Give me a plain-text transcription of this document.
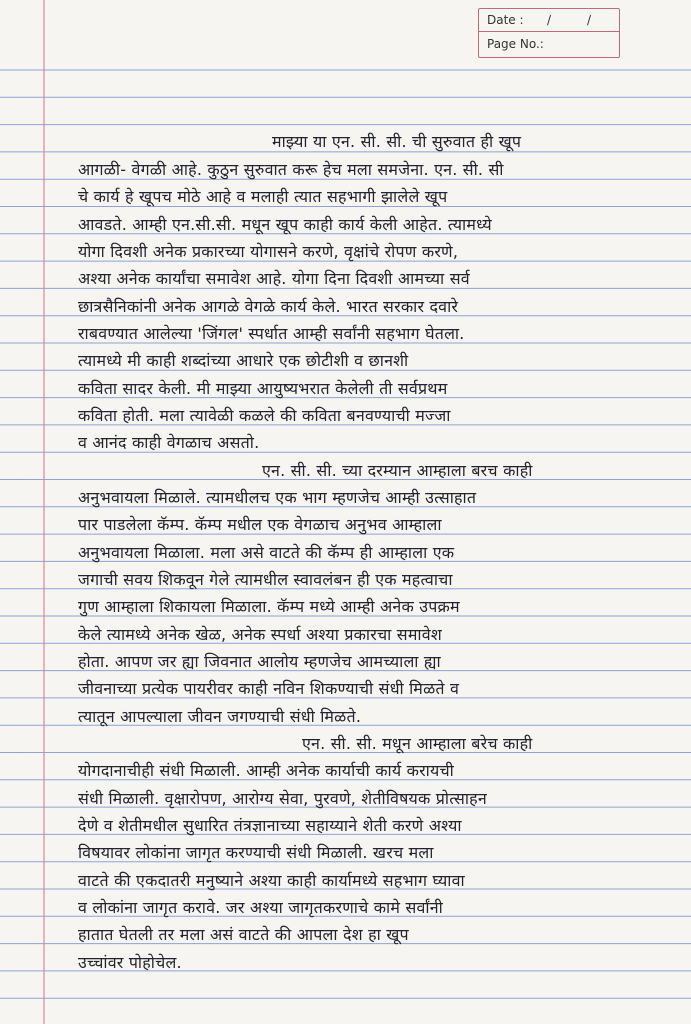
Date : /	/
Page No.:
माझ्या या एन. सी. सी. ची सुरुवात ही खूप
आगळी- वेगळी आहे. कुठुन सुरुवात करू हेच मला समजेना. एन. सी. सी
चे कार्य हे खूपच मोठे आहे व मलाही त्यात सहभागी झालेले खूप
आवडते. आम्ही एन.सी.सी. मधून खूप काही कार्य केली आहेत. त्यामध्ये
योगा दिवशी अनेक प्रकारच्या योगासने करणे, वृक्षांचे रोपण करणे,
अश्या अनेक कार्यांचा समावेश आहे. योगा दिना दिवशी आमच्या सर्व
छात्रसैनिकांनी अनेक आगळे वेगळे कार्य केले. भारत सरकार दवारे
राबवण्यात आलेल्या 'जिंगल' स्पर्धात आम्ही सर्वांनी सहभाग घेतला.
त्यामध्ये मी काही शब्दांच्या आधारे एक छोटीशी व छानशी
कविता सादर केली. मी माझ्या आयुष्यभरात केलेली ती सर्वप्रथम
कविता होती. मला त्यावेळी कळले की कविता बनवण्याची मज्जा
व आनंद काही वेगळाच असतो.
एन. सी. सी. च्या दरम्यान आम्हाला बरच काही
अनुभवायला मिळाले. त्यामधीलच एक भाग म्हणजेच आम्ही उत्साहात
पार पाडलेला कॅम्प. कॅम्प मधील एक वेगळाच अनुभव आम्हाला
अनुभवायला मिळाला. मला असे वाटते की कॅम्प ही आम्हाला एक
जगाची सवय शिकवून गेले त्यामधील स्वावलंबन ही एक महत्वाचा
गुण आम्हाला शिकायला मिळाला. कॅम्प मध्ये आम्ही अनेक उपक्रम
केले त्यामध्ये अनेक खेळ, अनेक स्पर्धा अश्या प्रकारचा समावेश
होता. आपण जर ह्या जिवनात आलोय म्हणजेच आमच्याला ह्या
जीवनाच्या प्रत्येक पायरीवर काही नविन शिकण्याची संधी मिळते व
त्यातून आपल्याला जीवन जगण्याची संधी मिळते.
एन. सी. सी. मधून आम्हाला बरेच काही
योगदानाचीही संधी मिळाली. आम्ही अनेक कार्याची कार्य करायची
संधी मिळाली. वृक्षारोपण, आरोग्य सेवा, पुरवणे, शेतीविषयक प्रोत्साहन
देणे व शेतीमधील सुधारित तंत्रज्ञानाच्या सहाय्याने शेती करणे अश्या
विषयावर लोकांना जागृत करण्याची संधी मिळाली. खरच मला
वाटते की एकदातरी मनुष्याने अश्या काही कार्यामध्ये सहभाग घ्यावा
व लोकांना जागृत करावे. जर अश्या जागृतकरणाचे कामे सर्वांनी
हातात घेतली तर मला असं वाटते की आपला देश हा खूप
उच्चांवर पोहोचेल.
